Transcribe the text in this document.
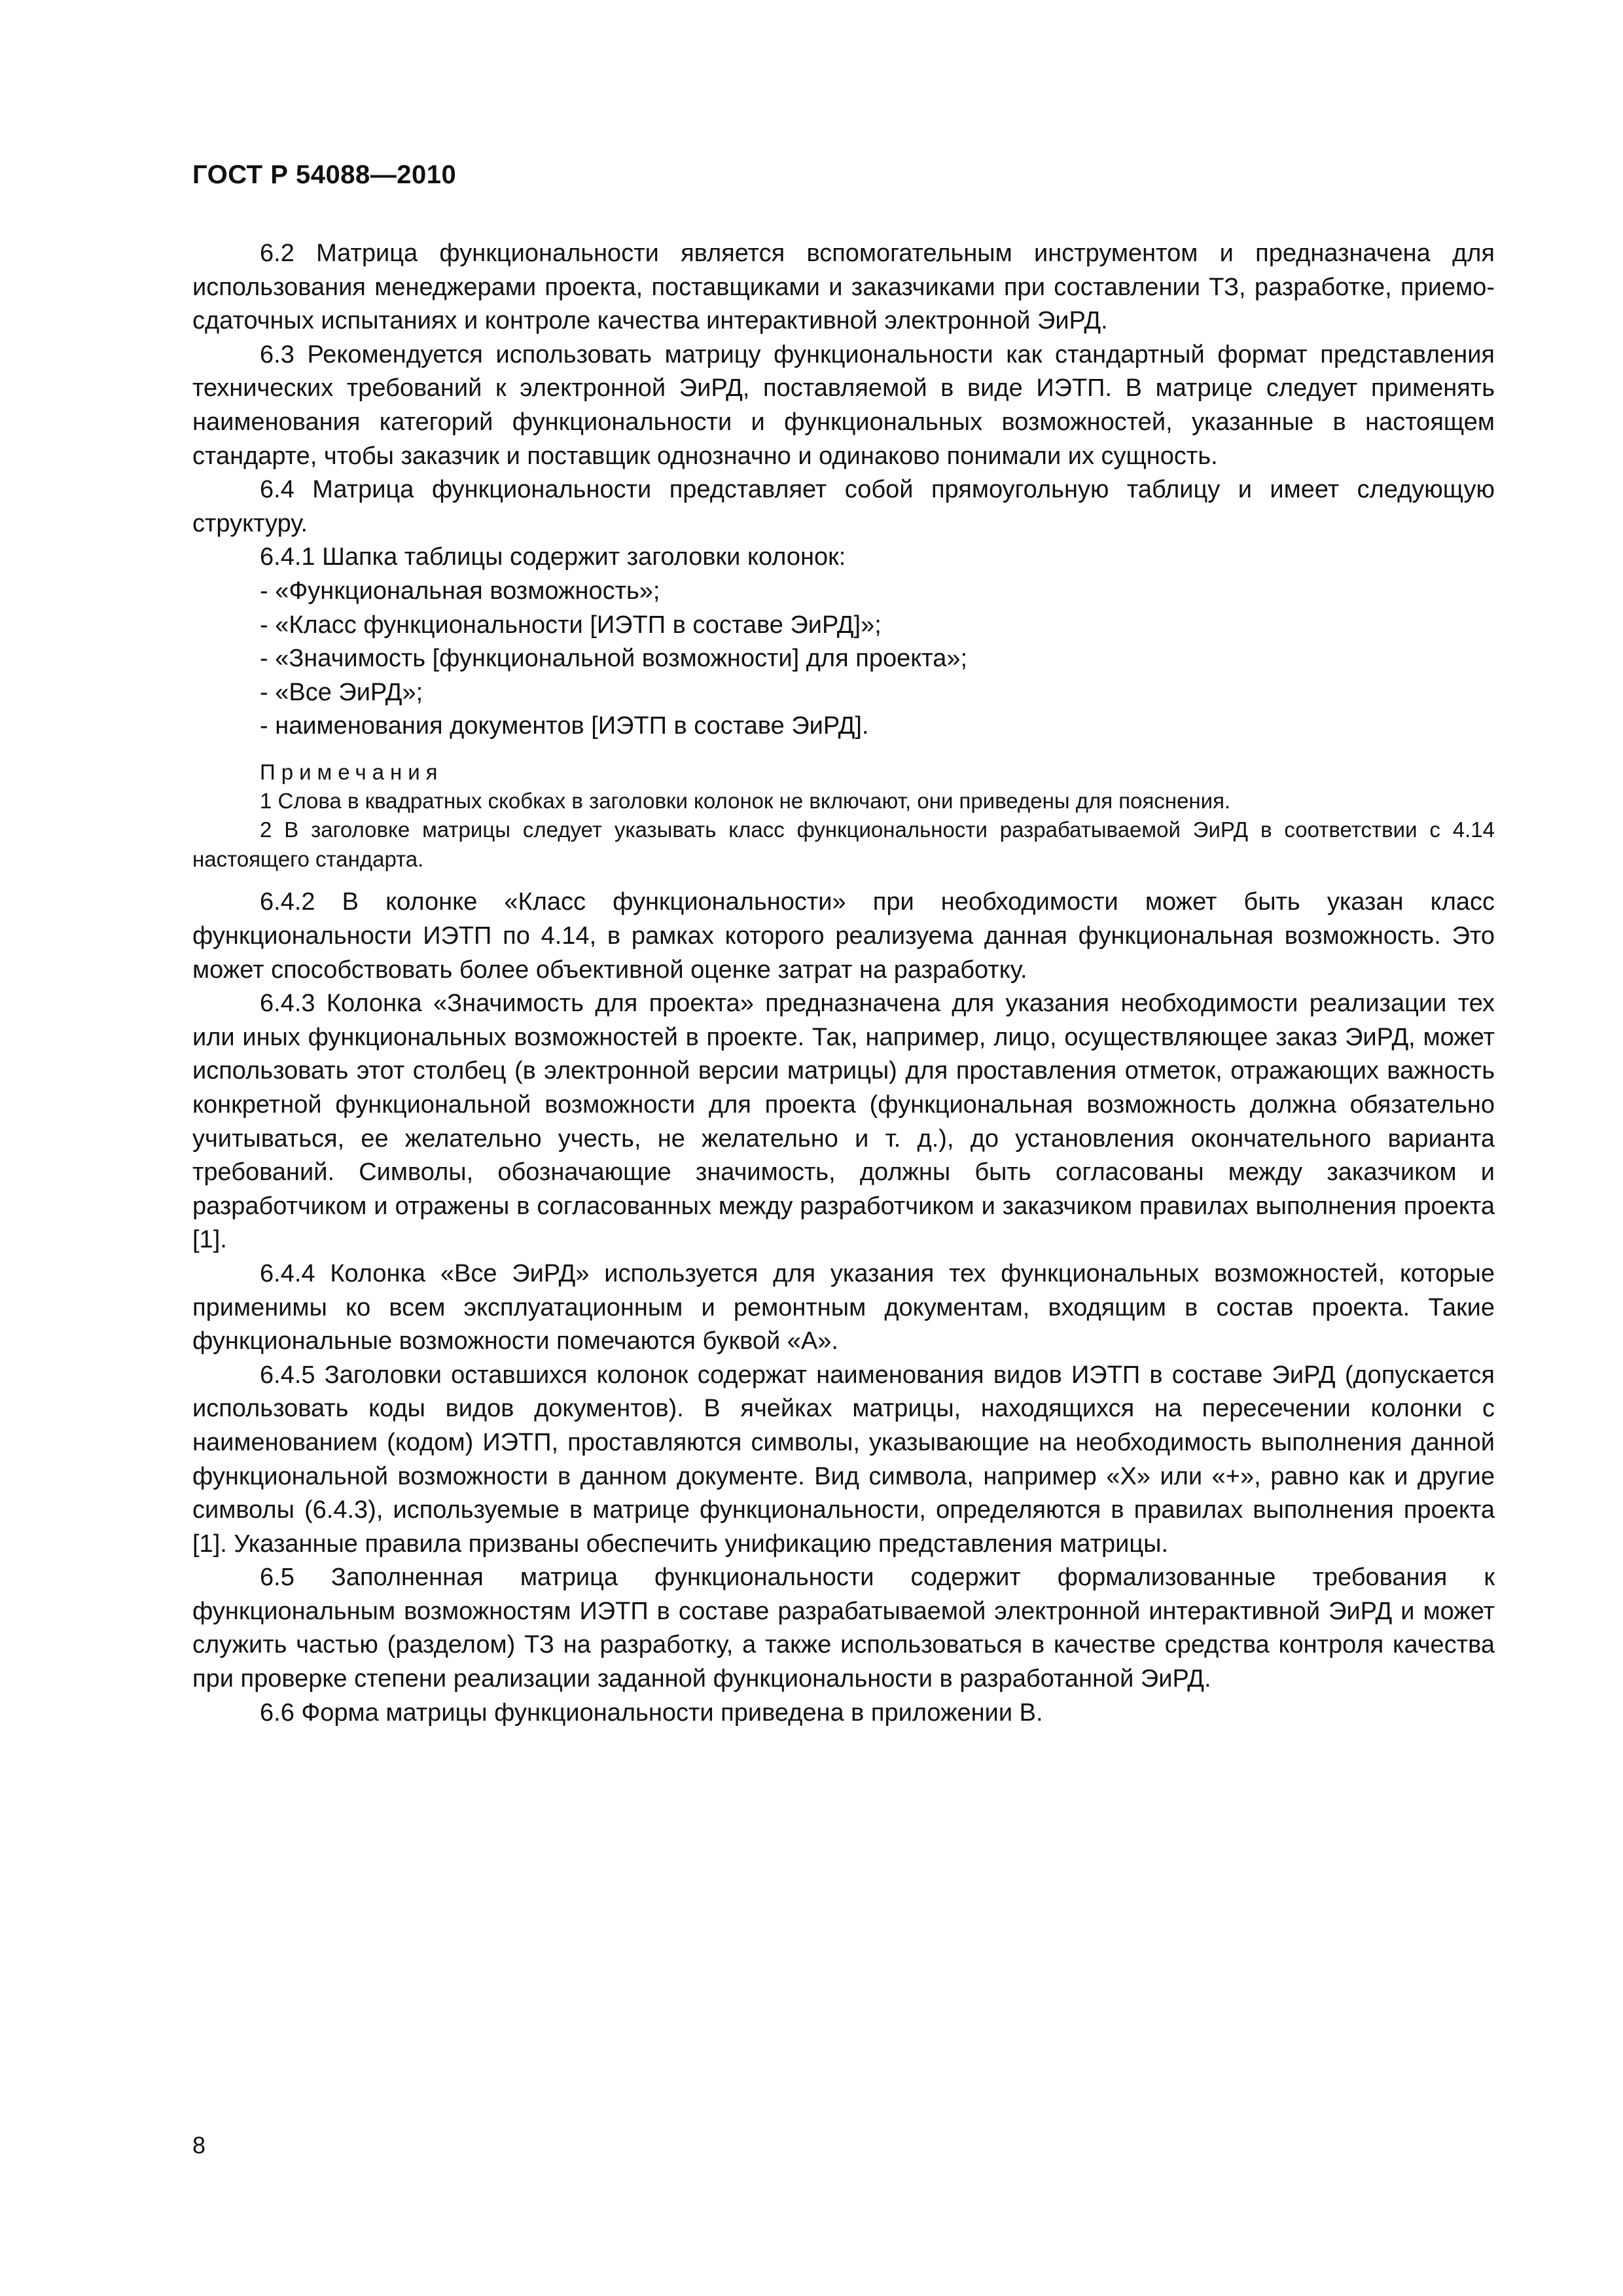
ГОСТ Р 54088—2010

6.2 Матрица функциональности является вспомогательным инструментом и предназначена для использования менеджерами проекта, поставщиками и заказчиками при составлении ТЗ, разработке, приемо-сдаточных испытаниях и контроле качества интерактивной электронной ЭиРД.

6.3 Рекомендуется использовать матрицу функциональности как стандартный формат представления технических требований к электронной ЭиРД, поставляемой в виде ИЭТП. В матрице следует применять наименования категорий функциональности и функциональных возможностей, указанные в настоящем стандарте, чтобы заказчик и поставщик однозначно и одинаково понимали их сущность.

6.4 Матрица функциональности представляет собой прямоугольную таблицу и имеет следующую структуру.

6.4.1 Шапка таблицы содержит заголовки колонок:

- «Функциональная возможность»;

- «Класс функциональности [ИЭТП в составе ЭиРД]»;

- «Значимость [функциональной возможности] для проекта»;

- «Все ЭиРД»;

- наименования документов [ИЭТП в составе ЭиРД].

Примечания

1 Слова в квадратных скобках в заголовки колонок не включают, они приведены для пояснения.

2 В заголовке матрицы следует указывать класс функциональности разрабатываемой ЭиРД в соответствии с 4.14 настоящего стандарта.

6.4.2 В колонке «Класс функциональности» при необходимости может быть указан класс функциональности ИЭТП по 4.14, в рамках которого реализуема данная функциональная возможность. Это может способствовать более объективной оценке затрат на разработку.

6.4.3 Колонка «Значимость для проекта» предназначена для указания необходимости реализации тех или иных функциональных возможностей в проекте. Так, например, лицо, осуществляющее заказ ЭиРД, может использовать этот столбец (в электронной версии матрицы) для проставления отметок, отражающих важность конкретной функциональной возможности для проекта (функциональная возможность должна обязательно учитываться, ее желательно учесть, не желательно и т. д.), до установления окончательного варианта требований. Символы, обозначающие значимость, должны быть согласованы между заказчиком и разработчиком и отражены в согласованных между разработчиком и заказчиком правилах выполнения проекта [1].

6.4.4 Колонка «Все ЭиРД» используется для указания тех функциональных возможностей, которые применимы ко всем эксплуатационным и ремонтным документам, входящим в состав проекта. Такие функциональные возможности помечаются буквой «А».

6.4.5 Заголовки оставшихся колонок содержат наименования видов ИЭТП в составе ЭиРД (допускается использовать коды видов документов). В ячейках матрицы, находящихся на пересечении колонки с наименованием (кодом) ИЭТП, проставляются символы, указывающие на необходимость выполнения данной функциональной возможности в данном документе. Вид символа, например «X» или «+», равно как и другие символы (6.4.3), используемые в матрице функциональности, определяются в правилах выполнения проекта [1]. Указанные правила призваны обеспечить унификацию представления матрицы.

6.5 Заполненная матрица функциональности содержит формализованные требования к функциональным возможностям ИЭТП в составе разрабатываемой электронной интерактивной ЭиРД и может служить частью (разделом) ТЗ на разработку, а также использоваться в качестве средства контроля качества при проверке степени реализации заданной функциональности в разработанной ЭиРД.

6.6 Форма матрицы функциональности приведена в приложении В.

8
